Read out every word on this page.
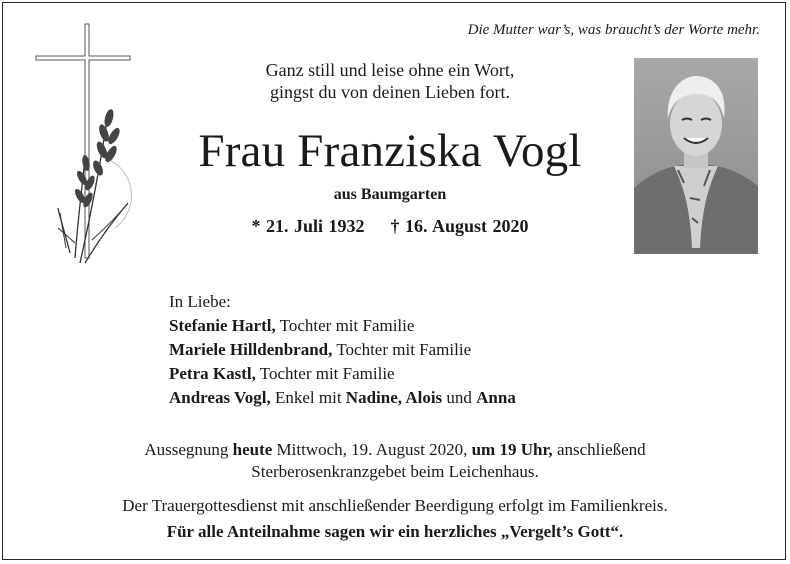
Die Mutter war’s, was braucht’s der Worte mehr.
Ganz still und leise ohne ein Wort,
gingst du von deinen Lieben fort.
Frau Franziska Vogl
aus Baumgarten
* 21. Juli 1932 † 16. August 2020
In Liebe:
Stefanie Hartl, Tochter mit Familie
Mariele Hilldenbrand, Tochter mit Familie
Petra Kastl, Tochter mit Familie
Andreas Vogl, Enkel mit Nadine, Alois und Anna
Aussegnung heute Mittwoch, 19. August 2020, um 19 Uhr, anschließend
Sterberosenkranzgebet beim Leichenhaus.
Der Trauergottesdienst mit anschließender Beerdigung erfolgt im Familienkreis.
Für alle Anteilnahme sagen wir ein herzliches „Vergelt’s Gott“.
